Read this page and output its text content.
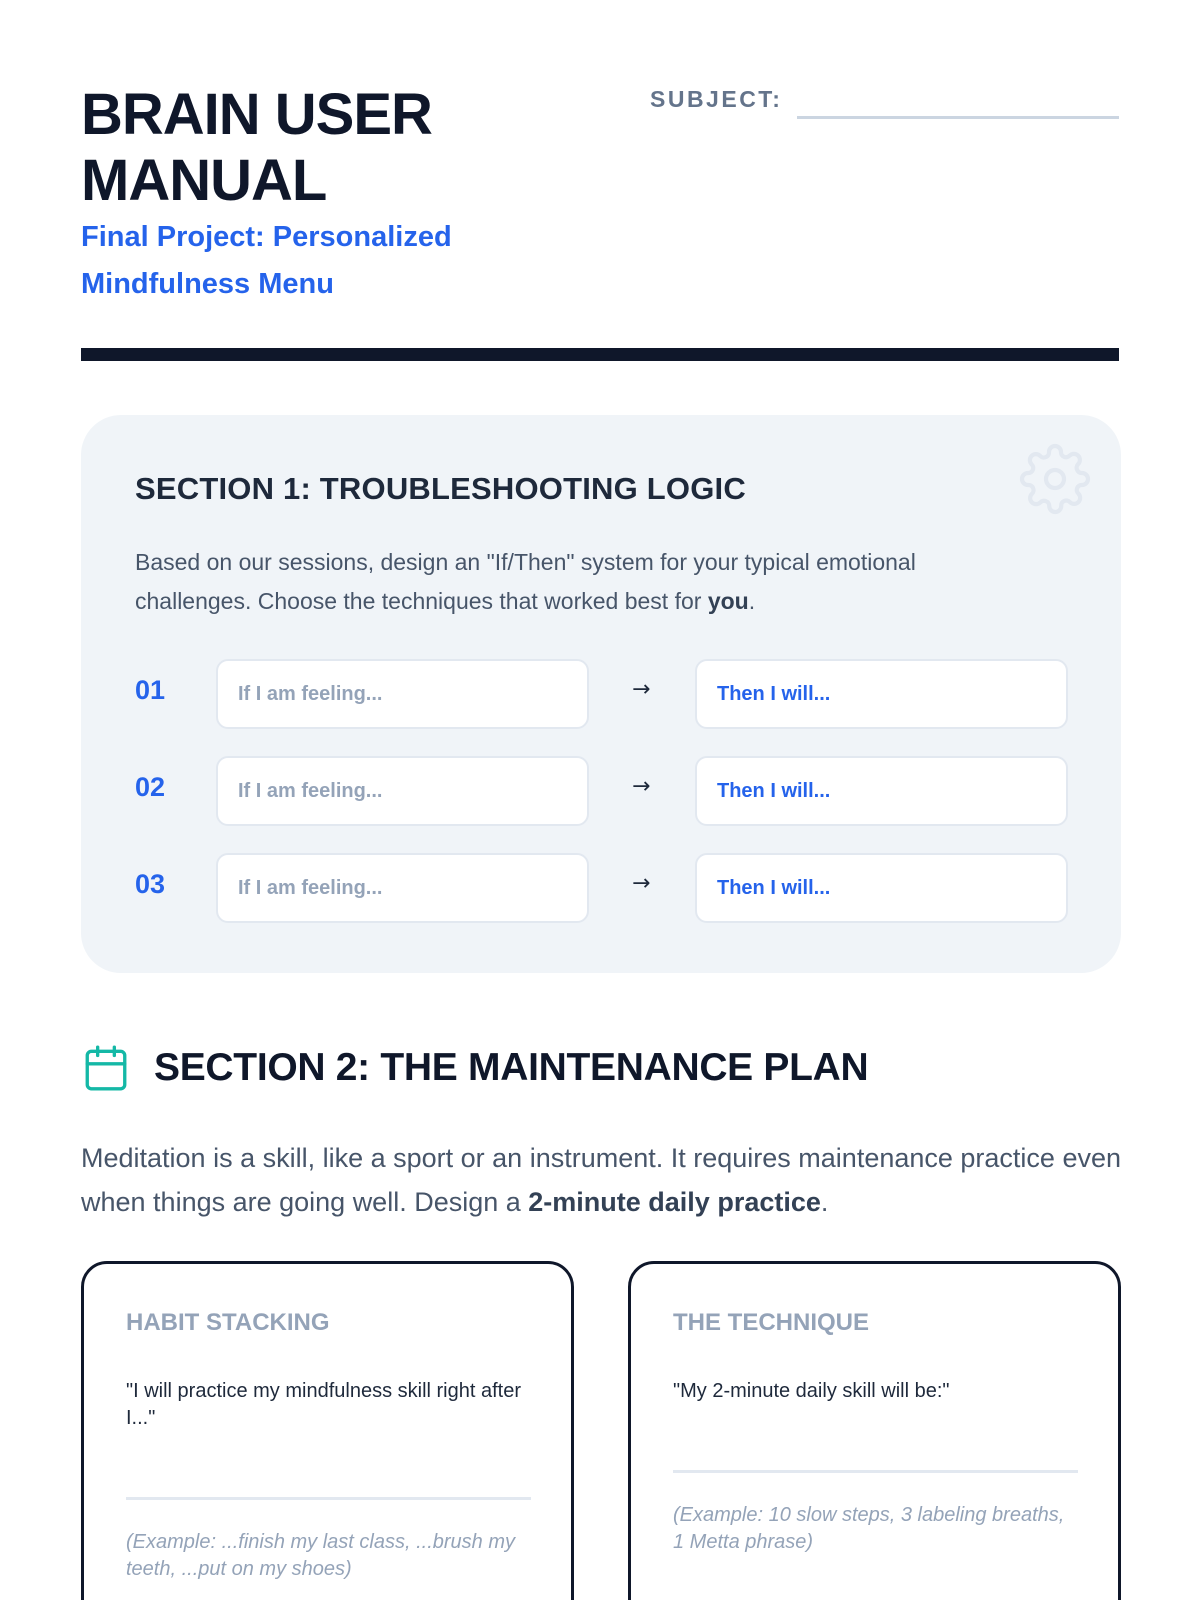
BRAIN USER MANUAL
Final Project: Personalized Mindfulness Menu
SUBJECT:
SECTION 1: TROUBLESHOOTING LOGIC

Based on our sessions, design an "If/Then" system for your typical emotional challenges. Choose the techniques that worked best for you.

01	If I am feeling...	→	Then I will...
02	If I am feeling...	→	Then I will...
03	If I am feeling...	→	Then I will...
SECTION 2: THE MAINTENANCE PLAN

Meditation is a skill, like a sport or an instrument. It requires maintenance practice even when things are going well. Design a 2-minute daily practice.

HABIT STACKING
"I will practice my mindfulness skill right after I..."
(Example: ...finish my last class, ...brush my teeth, ...put on my shoes)
THE TECHNIQUE
"My 2-minute daily skill will be:"
(Example: 10 slow steps, 3 labeling breaths, 1 Metta phrase)
